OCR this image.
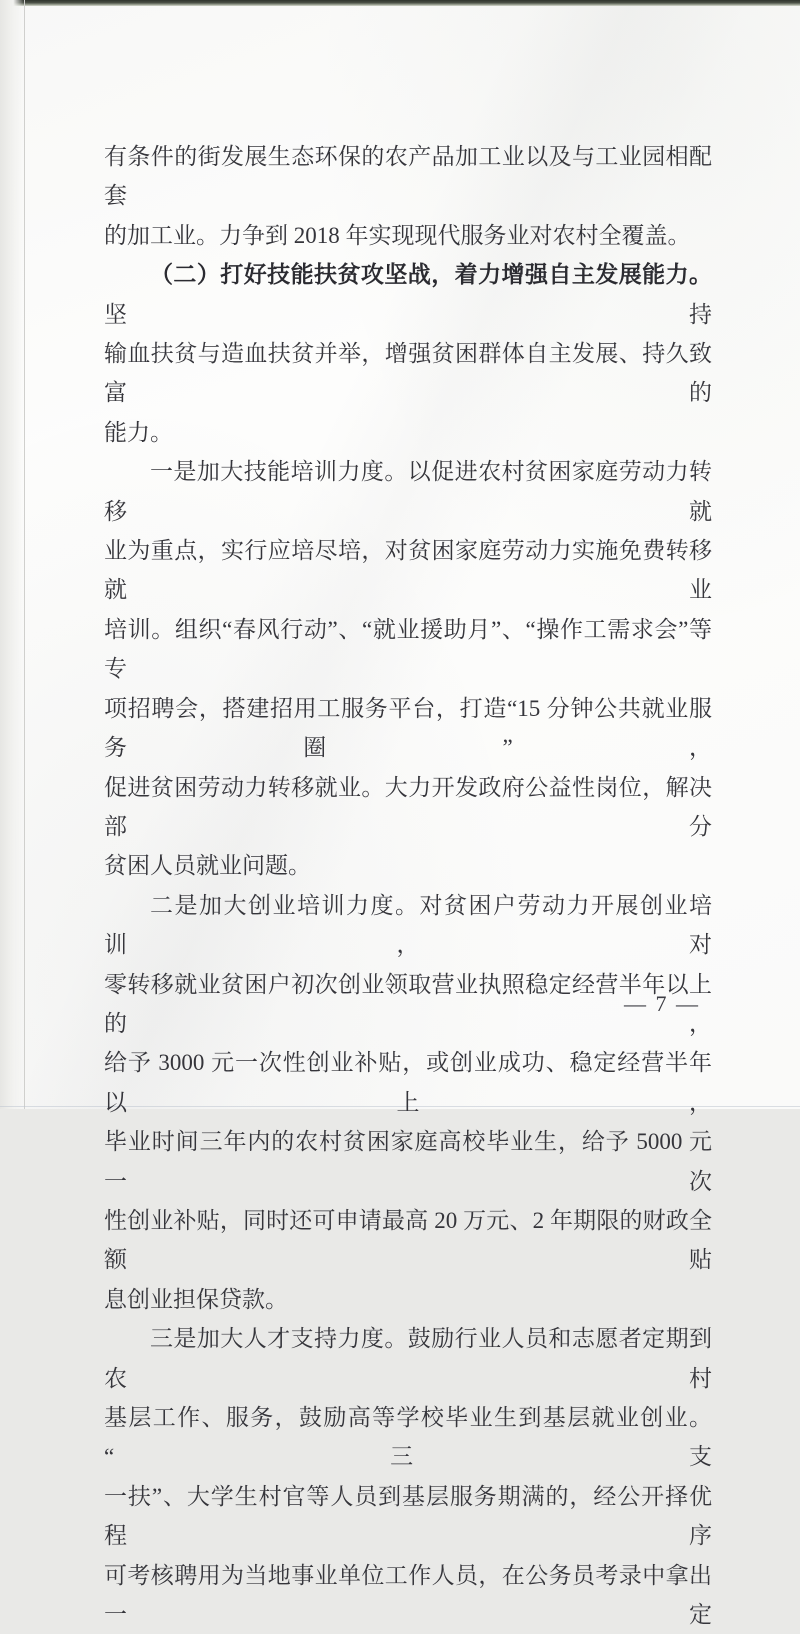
有条件的街发展生态环保的农产品加工业以及与工业园相配套
的加工业。力争到 2018 年实现现代服务业对农村全覆盖。
（二）打好技能扶贫攻坚战，着力增强自主发展能力。坚持
输血扶贫与造血扶贫并举，增强贫困群体自主发展、持久致富的
能力。
一是加大技能培训力度。以促进农村贫困家庭劳动力转移就
业为重点，实行应培尽培，对贫困家庭劳动力实施免费转移就业
培训。组织“春风行动”、“就业援助月”、“操作工需求会”等专
项招聘会，搭建招用工服务平台，打造“15 分钟公共就业服务圈”，
促进贫困劳动力转移就业。大力开发政府公益性岗位，解决部分
贫困人员就业问题。
二是加大创业培训力度。对贫困户劳动力开展创业培训，对
零转移就业贫困户初次创业领取营业执照稳定经营半年以上的，
给予 3000 元一次性创业补贴，或创业成功、稳定经营半年以上，
毕业时间三年内的农村贫困家庭高校毕业生，给予 5000 元一次
性创业补贴，同时还可申请最高 20 万元、2 年期限的财政全额贴
息创业担保贷款。
三是加大人才支持力度。鼓励行业人员和志愿者定期到农村
基层工作、服务，鼓励高等学校毕业生到基层就业创业。“三支
一扶”、大学生村官等人员到基层服务期满的，经公开择优程序
可考核聘用为当地事业单位工作人员，在公务员考录中拿出一定
— 7 —
